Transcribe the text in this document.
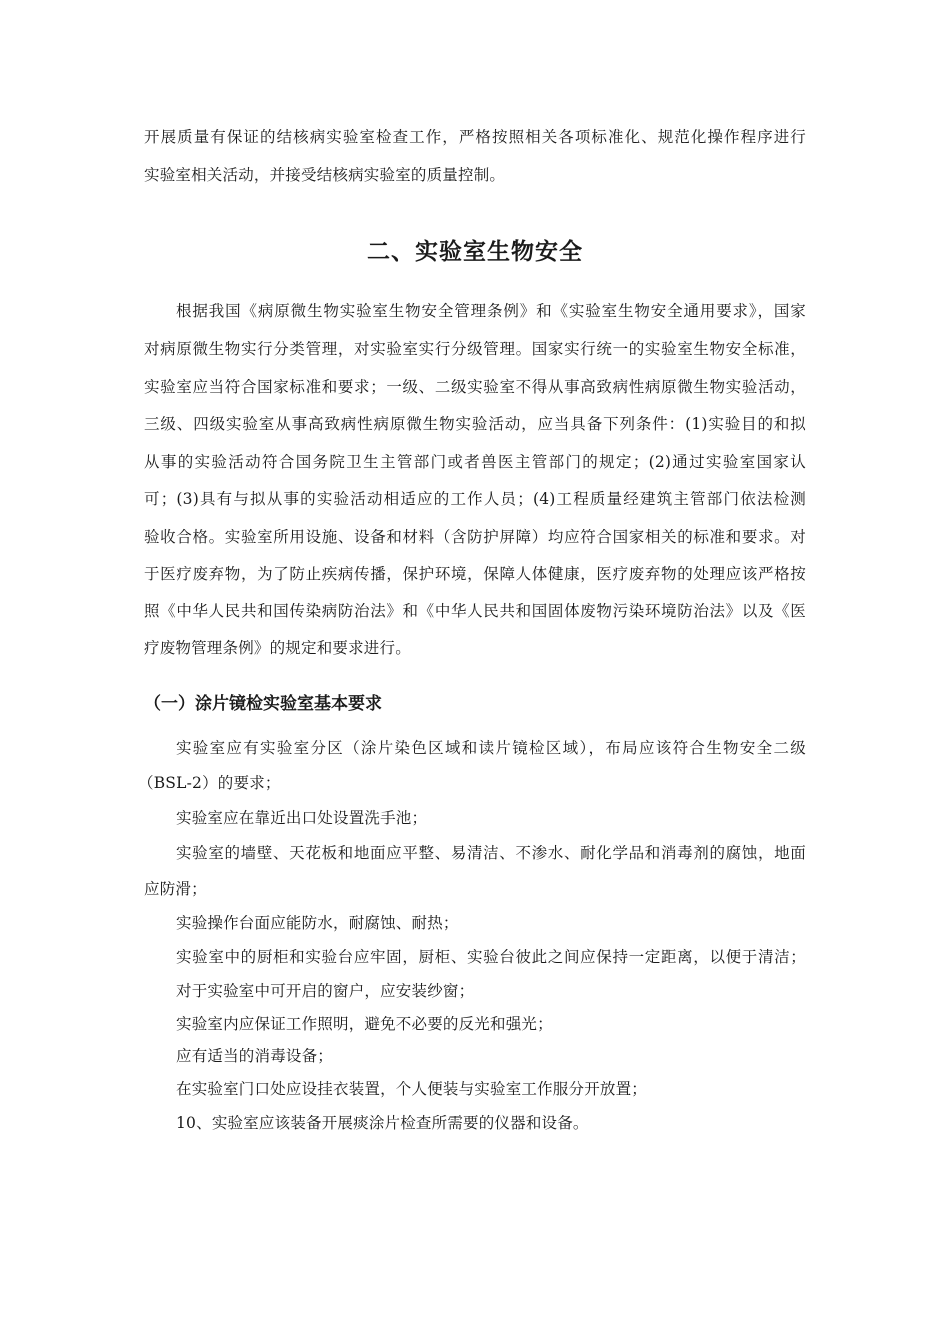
开展质量有保证的结核病实验室检查工作，严格按照相关各项标准化、规范化操作程序进行
实验室相关活动，并接受结核病实验室的质量控制。
二、实验室生物安全
根据我国《病原微生物实验室生物安全管理条例》和《实验室生物安全通用要求》，国家
对病原微生物实行分类管理，对实验室实行分级管理。国家实行统一的实验室生物安全标准，
实验室应当符合国家标准和要求；一级、二级实验室不得从事高致病性病原微生物实验活动，
三级、四级实验室从事高致病性病原微生物实验活动，应当具备下列条件：(1)实验目的和拟
从事的实验活动符合国务院卫生主管部门或者兽医主管部门的规定；(2)通过实验室国家认
可；(3)具有与拟从事的实验活动相适应的工作人员；(4)工程质量经建筑主管部门依法检测
验收合格。实验室所用设施、设备和材料（含防护屏障）均应符合国家相关的标准和要求。对
于医疗废弃物，为了防止疾病传播，保护环境，保障人体健康，医疗废弃物的处理应该严格按
照《中华人民共和国传染病防治法》和《中华人民共和国固体废物污染环境防治法》以及《医
疗废物管理条例》的规定和要求进行。
（一）涂片镜检实验室基本要求
实验室应有实验室分区（涂片染色区域和读片镜检区域），布局应该符合生物安全二级
（BSL-2）的要求；
实验室应在靠近出口处设置洗手池；
实验室的墙壁、天花板和地面应平整、易清洁、不渗水、耐化学品和消毒剂的腐蚀，地面
应防滑；
实验操作台面应能防水，耐腐蚀、耐热；
实验室中的厨柜和实验台应牢固，厨柜、实验台彼此之间应保持一定距离，以便于清洁；
对于实验室中可开启的窗户，应安装纱窗；
实验室内应保证工作照明，避免不必要的反光和强光；
应有适当的消毒设备；
在实验室门口处应设挂衣装置，个人便装与实验室工作服分开放置；
10、实验室应该装备开展痰涂片检查所需要的仪器和设备。
